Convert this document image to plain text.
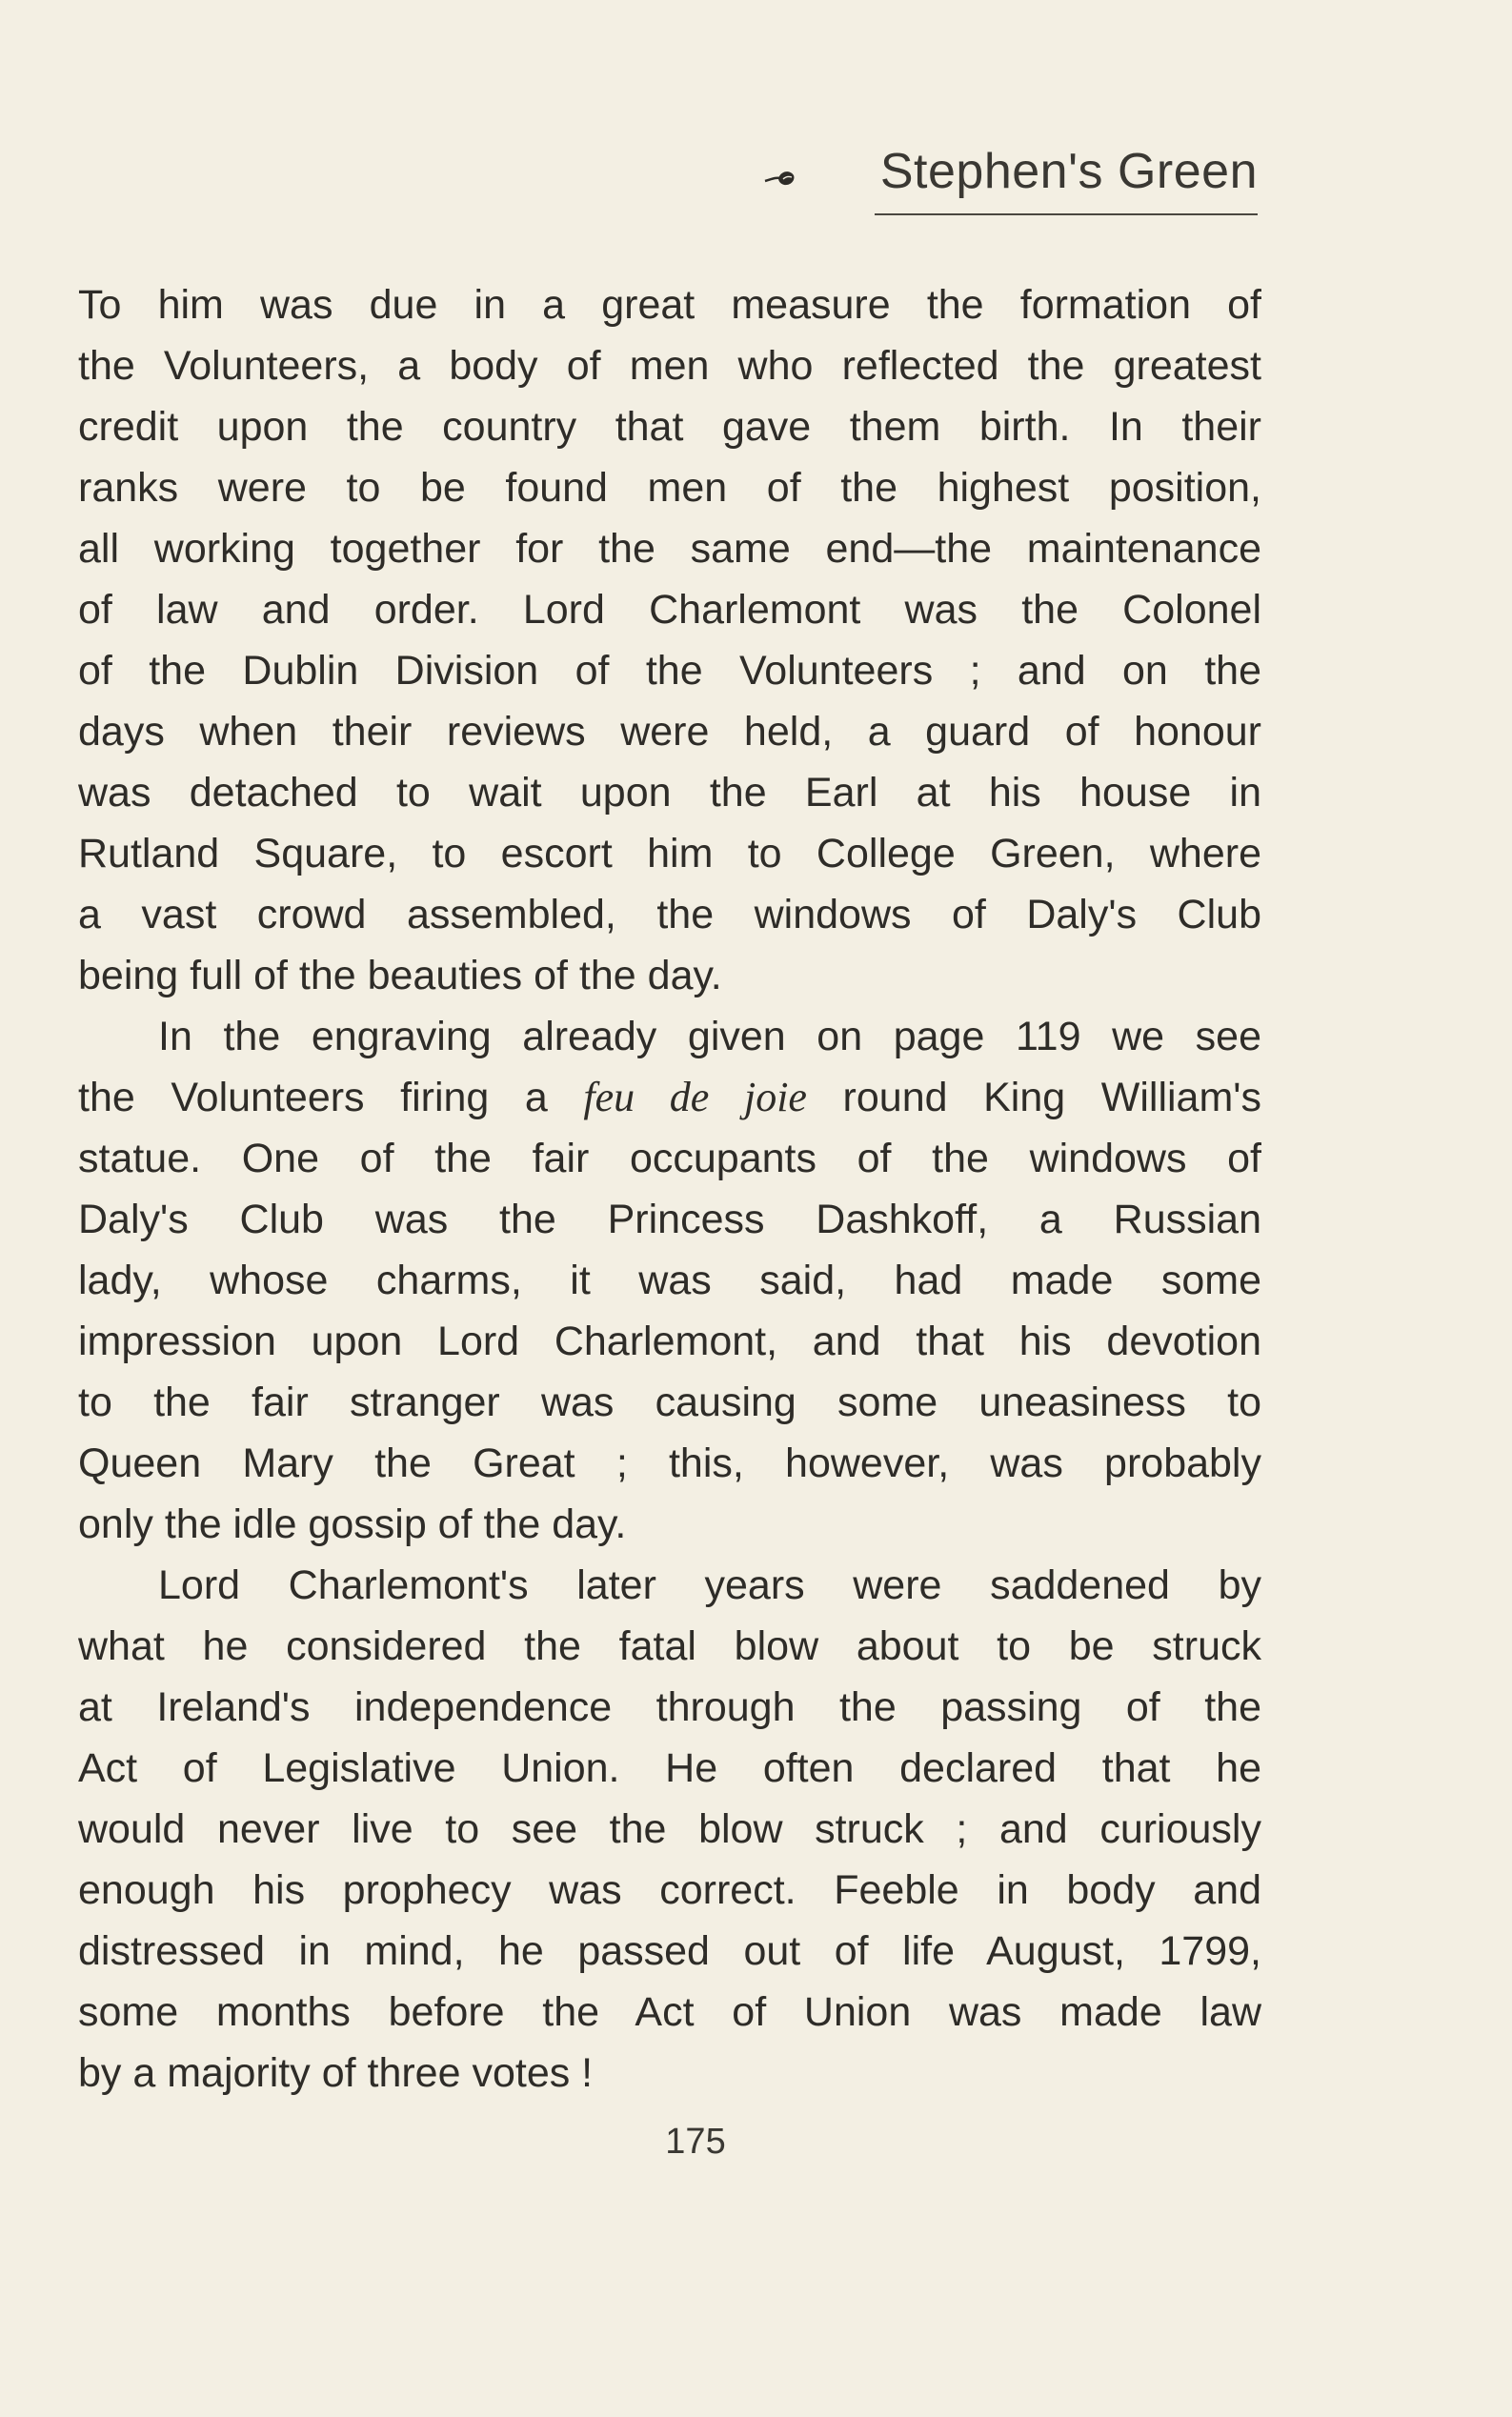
Stephen's Green

To him was due in a great measure the formation of
the Volunteers, a body of men who reflected the greatest
credit upon the country that gave them birth. In their
ranks were to be found men of the highest position,
all working together for the same end—the maintenance
of law and order. Lord Charlemont was the Colonel
of the Dublin Division of the Volunteers ; and on the
days when their reviews were held, a guard of honour
was detached to wait upon the Earl at his house in
Rutland Square, to escort him to College Green, where
a vast crowd assembled, the windows of Daly's Club
being full of the beauties of the day.

In the engraving already given on page 119 we see
the Volunteers firing a feu de joie round King William's
statue. One of the fair occupants of the windows of
Daly's Club was the Princess Dashkoff, a Russian
lady, whose charms, it was said, had made some
impression upon Lord Charlemont, and that his devotion
to the fair stranger was causing some uneasiness to
Queen Mary the Great ; this, however, was probably
only the idle gossip of the day.

Lord Charlemont's later years were saddened by
what he considered the fatal blow about to be struck
at Ireland's independence through the passing of the
Act of Legislative Union. He often declared that he
would never live to see the blow struck ; and curiously
enough his prophecy was correct. Feeble in body and
distressed in mind, he passed out of life August, 1799,
some months before the Act of Union was made law
by a majority of three votes !

175
